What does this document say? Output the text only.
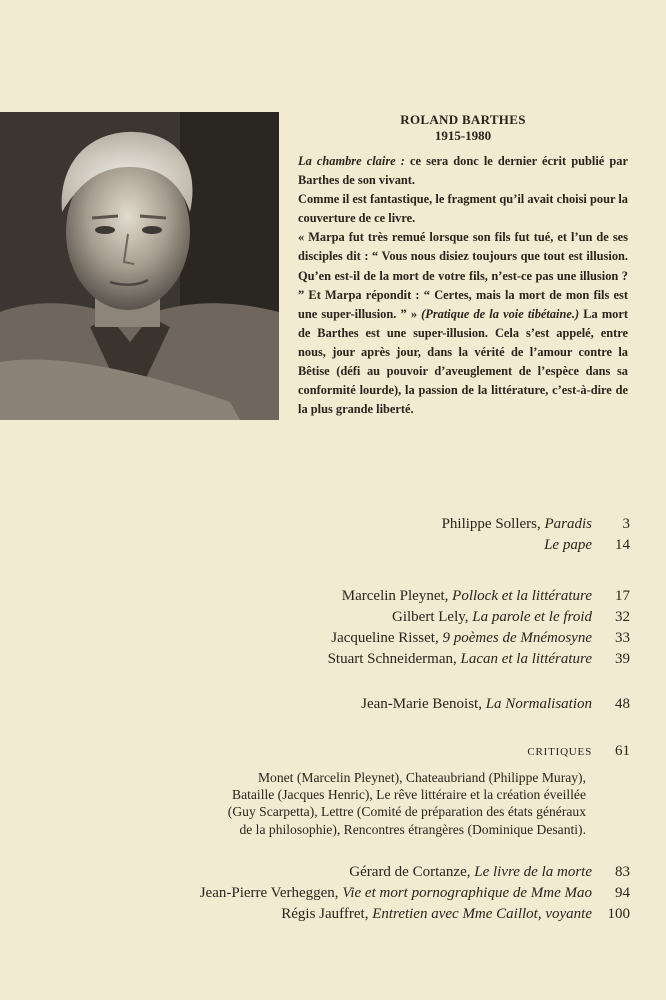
ROLAND BARTHES
1915-1980

La chambre claire : ce sera donc le dernier écrit publié par Barthes de son vivant.

Comme il est fantastique, le fragment qu’il avait choisi pour la couverture de ce livre.

« Marpa fut très remué lorsque son fils fut tué, et l’un de ses disciples dit : “ Vous nous disiez toujours que tout est illusion. Qu’en est-il de la mort de votre fils, n’est-ce pas une illusion ? ” Et Marpa répondit : “ Certes, mais la mort de mon fils est une super-illusion. ” » (Pratique de la voie tibétaine.) La mort de Barthes est une super-illusion. Cela s’est appelé, entre nous, jour après jour, dans la vérité de l’amour contre la Bêtise (défi au pouvoir d’aveuglement de l’espèce dans sa conformité lourde), la passion de la littérature, c’est-à-dire de la plus grande liberté.

Philippe Sollers, Paradis	3
Le pape	14
Marcelin Pleynet, Pollock et la littérature	17
Gilbert Lely, La parole et le froid	32
Jacqueline Risset, 9 poèmes de Mnémosyne	33
Stuart Schneiderman, Lacan et la littérature	39
Jean-Marie Benoist, La Normalisation	48
CRITIQUES	61
Monet (Marcelin Pleynet), Chateaubriand (Philippe Muray),
Bataille (Jacques Henric), Le rêve littéraire et la création éveillée
(Guy Scarpetta), Lettre (Comité de préparation des états généraux
de la philosophie), Rencontres étrangères (Dominique Desanti).
Gérard de Cortanze, Le livre de la morte	83
Jean-Pierre Verheggen, Vie et mort pornographique de Mme Mao	94
Régis Jauffret, Entretien avec Mme Caillot, voyante	100
